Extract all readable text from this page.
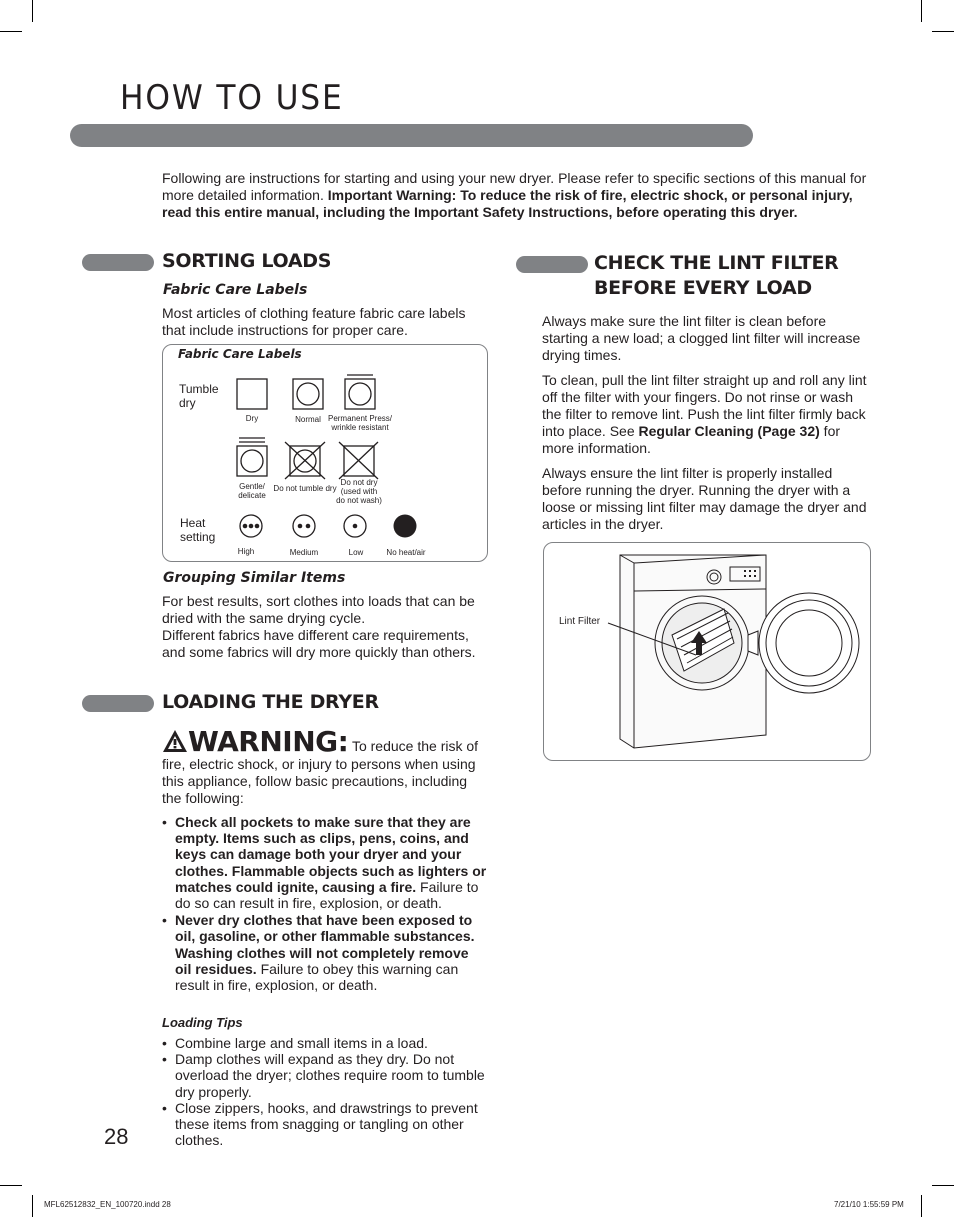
HOW TO USE
Following are instructions for starting and using your new dryer. Please refer to specific sections of this manual for more detailed information. Important Warning: To reduce the risk of fire, electric shock, or personal injury, read this entire manual, including the Important Safety Instructions, before operating this dryer.
SORTING LOADS
Fabric Care Labels
Most articles of clothing feature fabric care labels that include instructions for proper care.
Fabric Care Labels
Tumble
dry
Heat
setting
Dry	Normal Permanent Press/
wrinkle resistant
Gentle/
delicate
Do not tumble dry
Do not dry
(used with
do not wash)
High	Medium	Low	No heat/air
Grouping Similar Items
For best results, sort clothes into loads that can be dried with the same drying cycle.
Different fabrics have different care requirements, and some fabrics will dry more quickly than others.
LOADING THE DRYER
WARNING: To reduce the risk of fire, electric shock, or injury to persons when using this appliance, follow basic precautions, including the following:
• Check all pockets to make sure that they are empty. Items such as clips, pens, coins, and keys can damage both your dryer and your clothes. Flammable objects such as lighters or matches could ignite, causing a fire. Failure to do so can result in fire, explosion, or death.
• Never dry clothes that have been exposed to oil, gasoline, or other flammable substances. Washing clothes will not completely remove oil residues. Failure to obey this warning can result in fire, explosion, or death.
Loading Tips
• Combine large and small items in a load.
• Damp clothes will expand as they dry. Do not overload the dryer; clothes require room to tumble dry properly.
• Close zippers, hooks, and drawstrings to prevent these items from snagging or tangling on other clothes.
CHECK THE LINT FILTER
BEFORE EVERY LOAD
Always make sure the lint filter is clean before starting a new load; a clogged lint filter will increase drying times.
To clean, pull the lint filter straight up and roll any lint off the filter with your fingers. Do not rinse or wash the filter to remove lint. Push the lint filter firmly back into place. See Regular Cleaning (Page 32) for more information.
Always ensure the lint filter is properly installed before running the dryer. Running the dryer with a loose or missing lint filter may damage the dryer and articles in the dryer.
Lint Filter
28
MFL62512832_EN_100720.indd 28	7/21/10 1:55:59 PM
